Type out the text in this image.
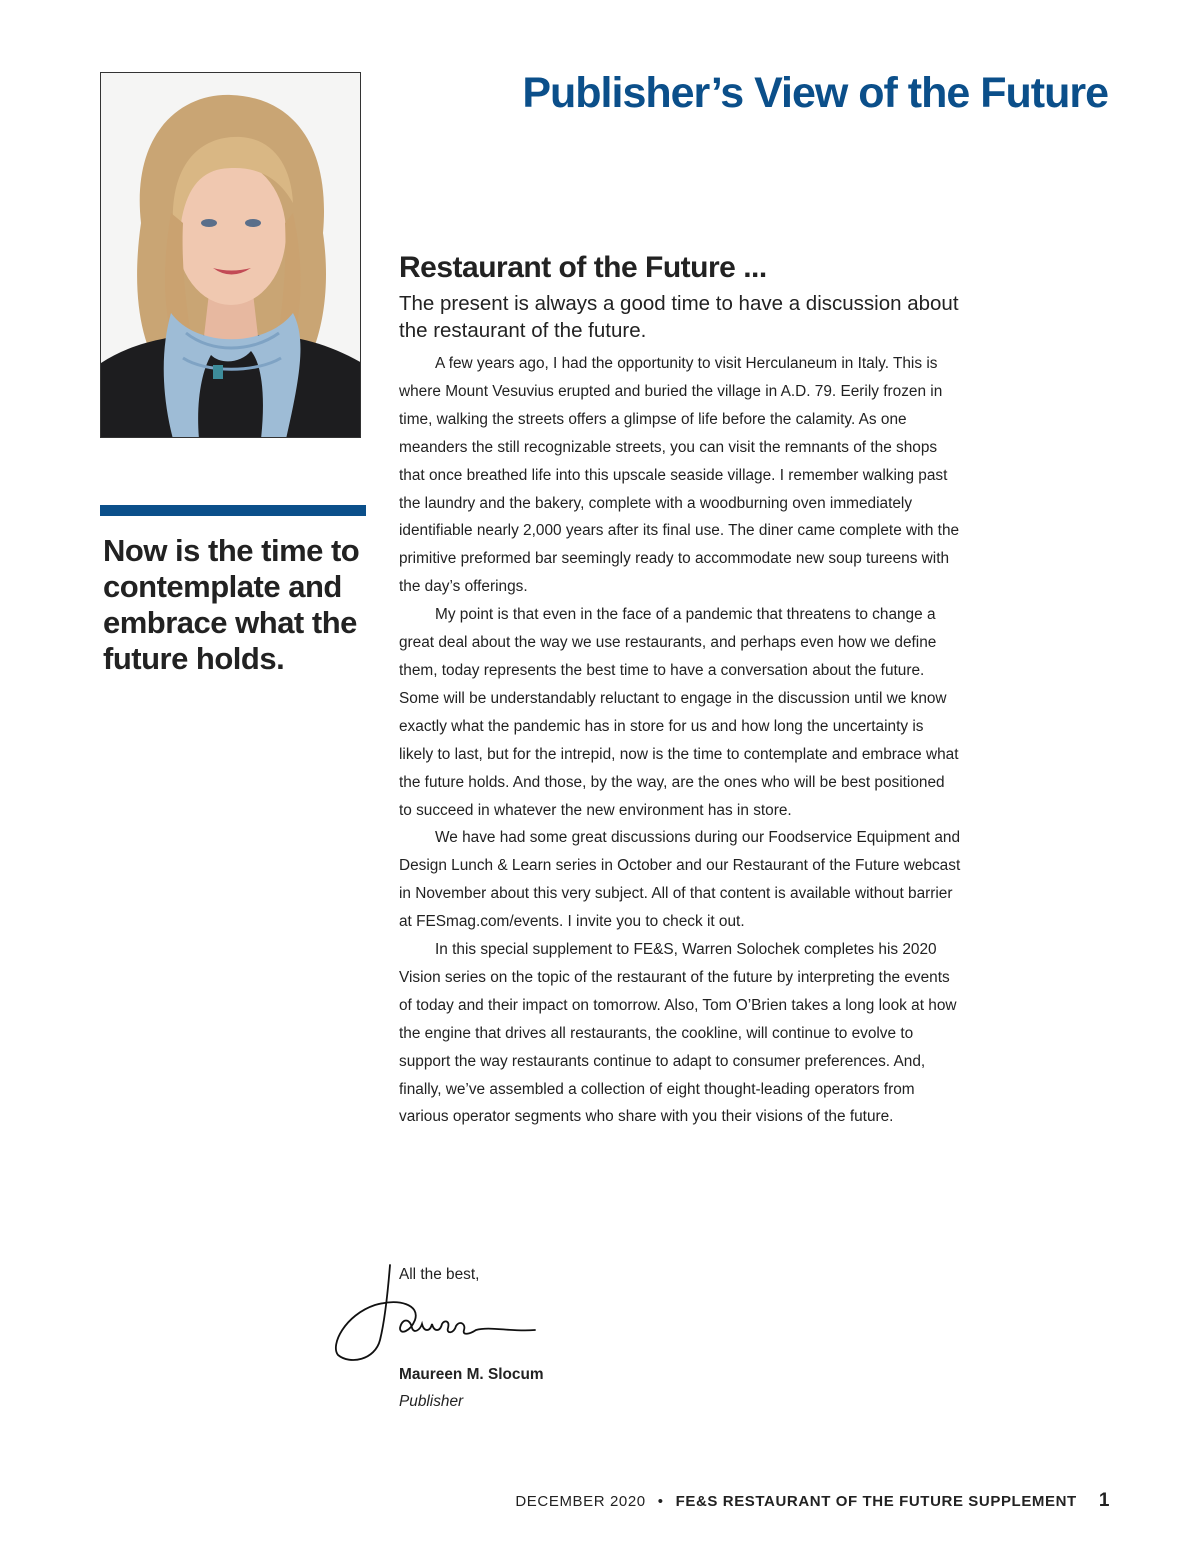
Publisher’s View of the Future

Now is the time to contemplate and embrace what the future holds.

Restaurant of the Future ...

The present is always a good time to have a discussion about the restaurant of the future.

A few years ago, I had the opportunity to visit Herculaneum in Italy. This is where Mount Vesuvius erupted and buried the village in A.D. 79. Eerily frozen in time, walking the streets offers a glimpse of life before the calamity. As one meanders the still recognizable streets, you can visit the remnants of the shops that once breathed life into this upscale seaside village. I remember walking past the laundry and the bakery, complete with a woodburning oven immediately identifiable nearly 2,000 years after its final use. The diner came complete with the primitive preformed bar seemingly ready to accommodate new soup tureens with the day’s offerings.

My point is that even in the face of a pandemic that threatens to change a great deal about the way we use restaurants, and perhaps even how we define them, today represents the best time to have a conversation about the future. Some will be understandably reluctant to engage in the discussion until we know exactly what the pandemic has in store for us and how long the uncertainty is likely to last, but for the intrepid, now is the time to contemplate and embrace what the future holds. And those, by the way, are the ones who will be best positioned to succeed in whatever the new environment has in store.

We have had some great discussions during our Foodservice Equipment and Design Lunch & Learn series in October and our Restaurant of the Future webcast in November about this very subject. All of that content is available without barrier at FESmag.com/events. I invite you to check it out.

In this special supplement to FE&S, Warren Solochek completes his 2020 Vision series on the topic of the restaurant of the future by interpreting the events of today and their impact on tomorrow. Also, Tom O’Brien takes a long look at how the engine that drives all restaurants, the cookline, will continue to evolve to support the way restaurants continue to adapt to consumer preferences. And, finally, we’ve assembled a collection of eight thought-leading operators from various operator segments who share with you their visions of the future.

All the best,
Maureen M. Slocum
Publisher
DECEMBER 2020 • FE&S RESTAURANT OF THE FUTURE SUPPLEMENT 1
